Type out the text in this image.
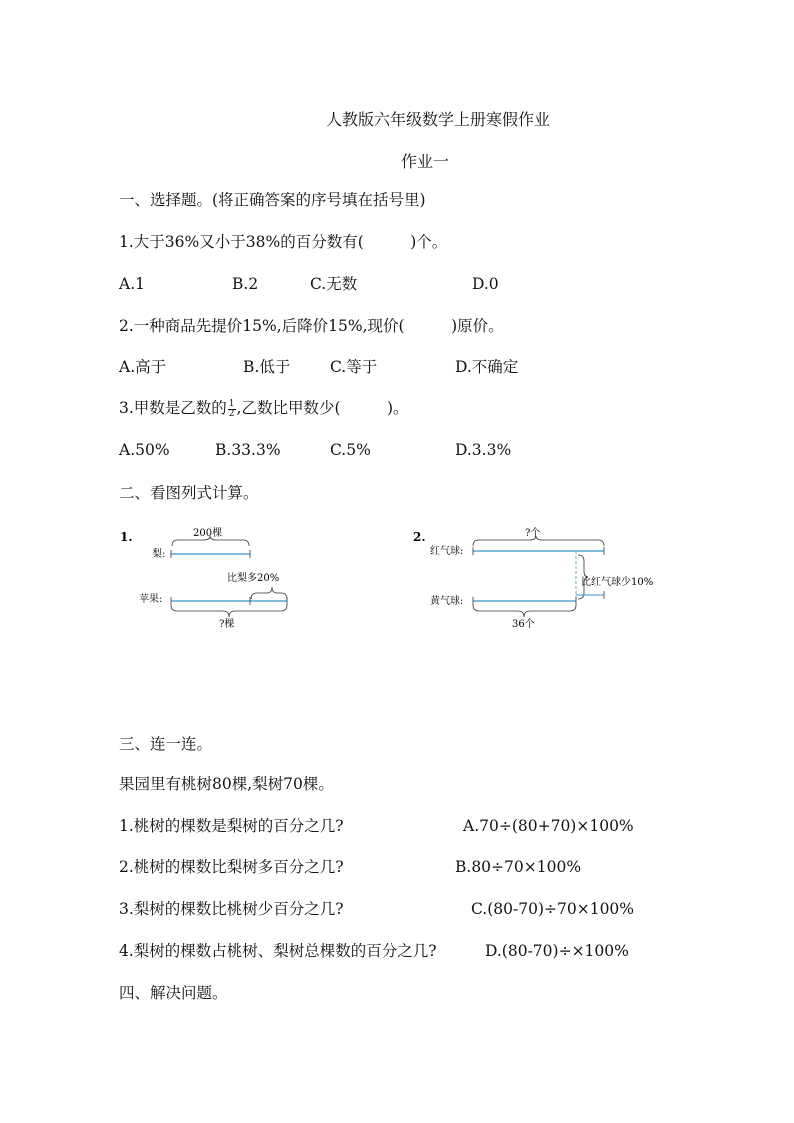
人教版六年级数学上册寒假作业
作业一
一、选择题。(将正确答案的序号填在括号里)
1.大于36%又小于38%的百分数有(　　　)个。
A.1	B.2	C.无数	D.0
2.一种商品先提价15%,后降价15%,现价(　　　)原价。
A.高于	B.低于	C.等于	D.不确定
3.甲数是乙数的 $\frac{1}{2}$ ,乙数比甲数少(　　　)。
A.50%	B.33.3%	C.5%	D.3.3%
二、看图列式计算。
1.	200棵
梨:
比梨多20%
苹果:
?棵
2.	?个
红气球:
比红气球少10%
黄气球:
36个
三、连一连。
果园里有桃树80棵,梨树70棵。
1.桃树的棵数是梨树的百分之几?	A.70÷(80+70)×100%
2.桃树的棵数比梨树多百分之几?	B.80÷70×100%
3.梨树的棵数比桃树少百分之几?	C.(80-70)÷70×100%
4.梨树的棵数占桃树、梨树总棵数的百分之几?	D.(80-70)÷×100%
四、解决问题。
